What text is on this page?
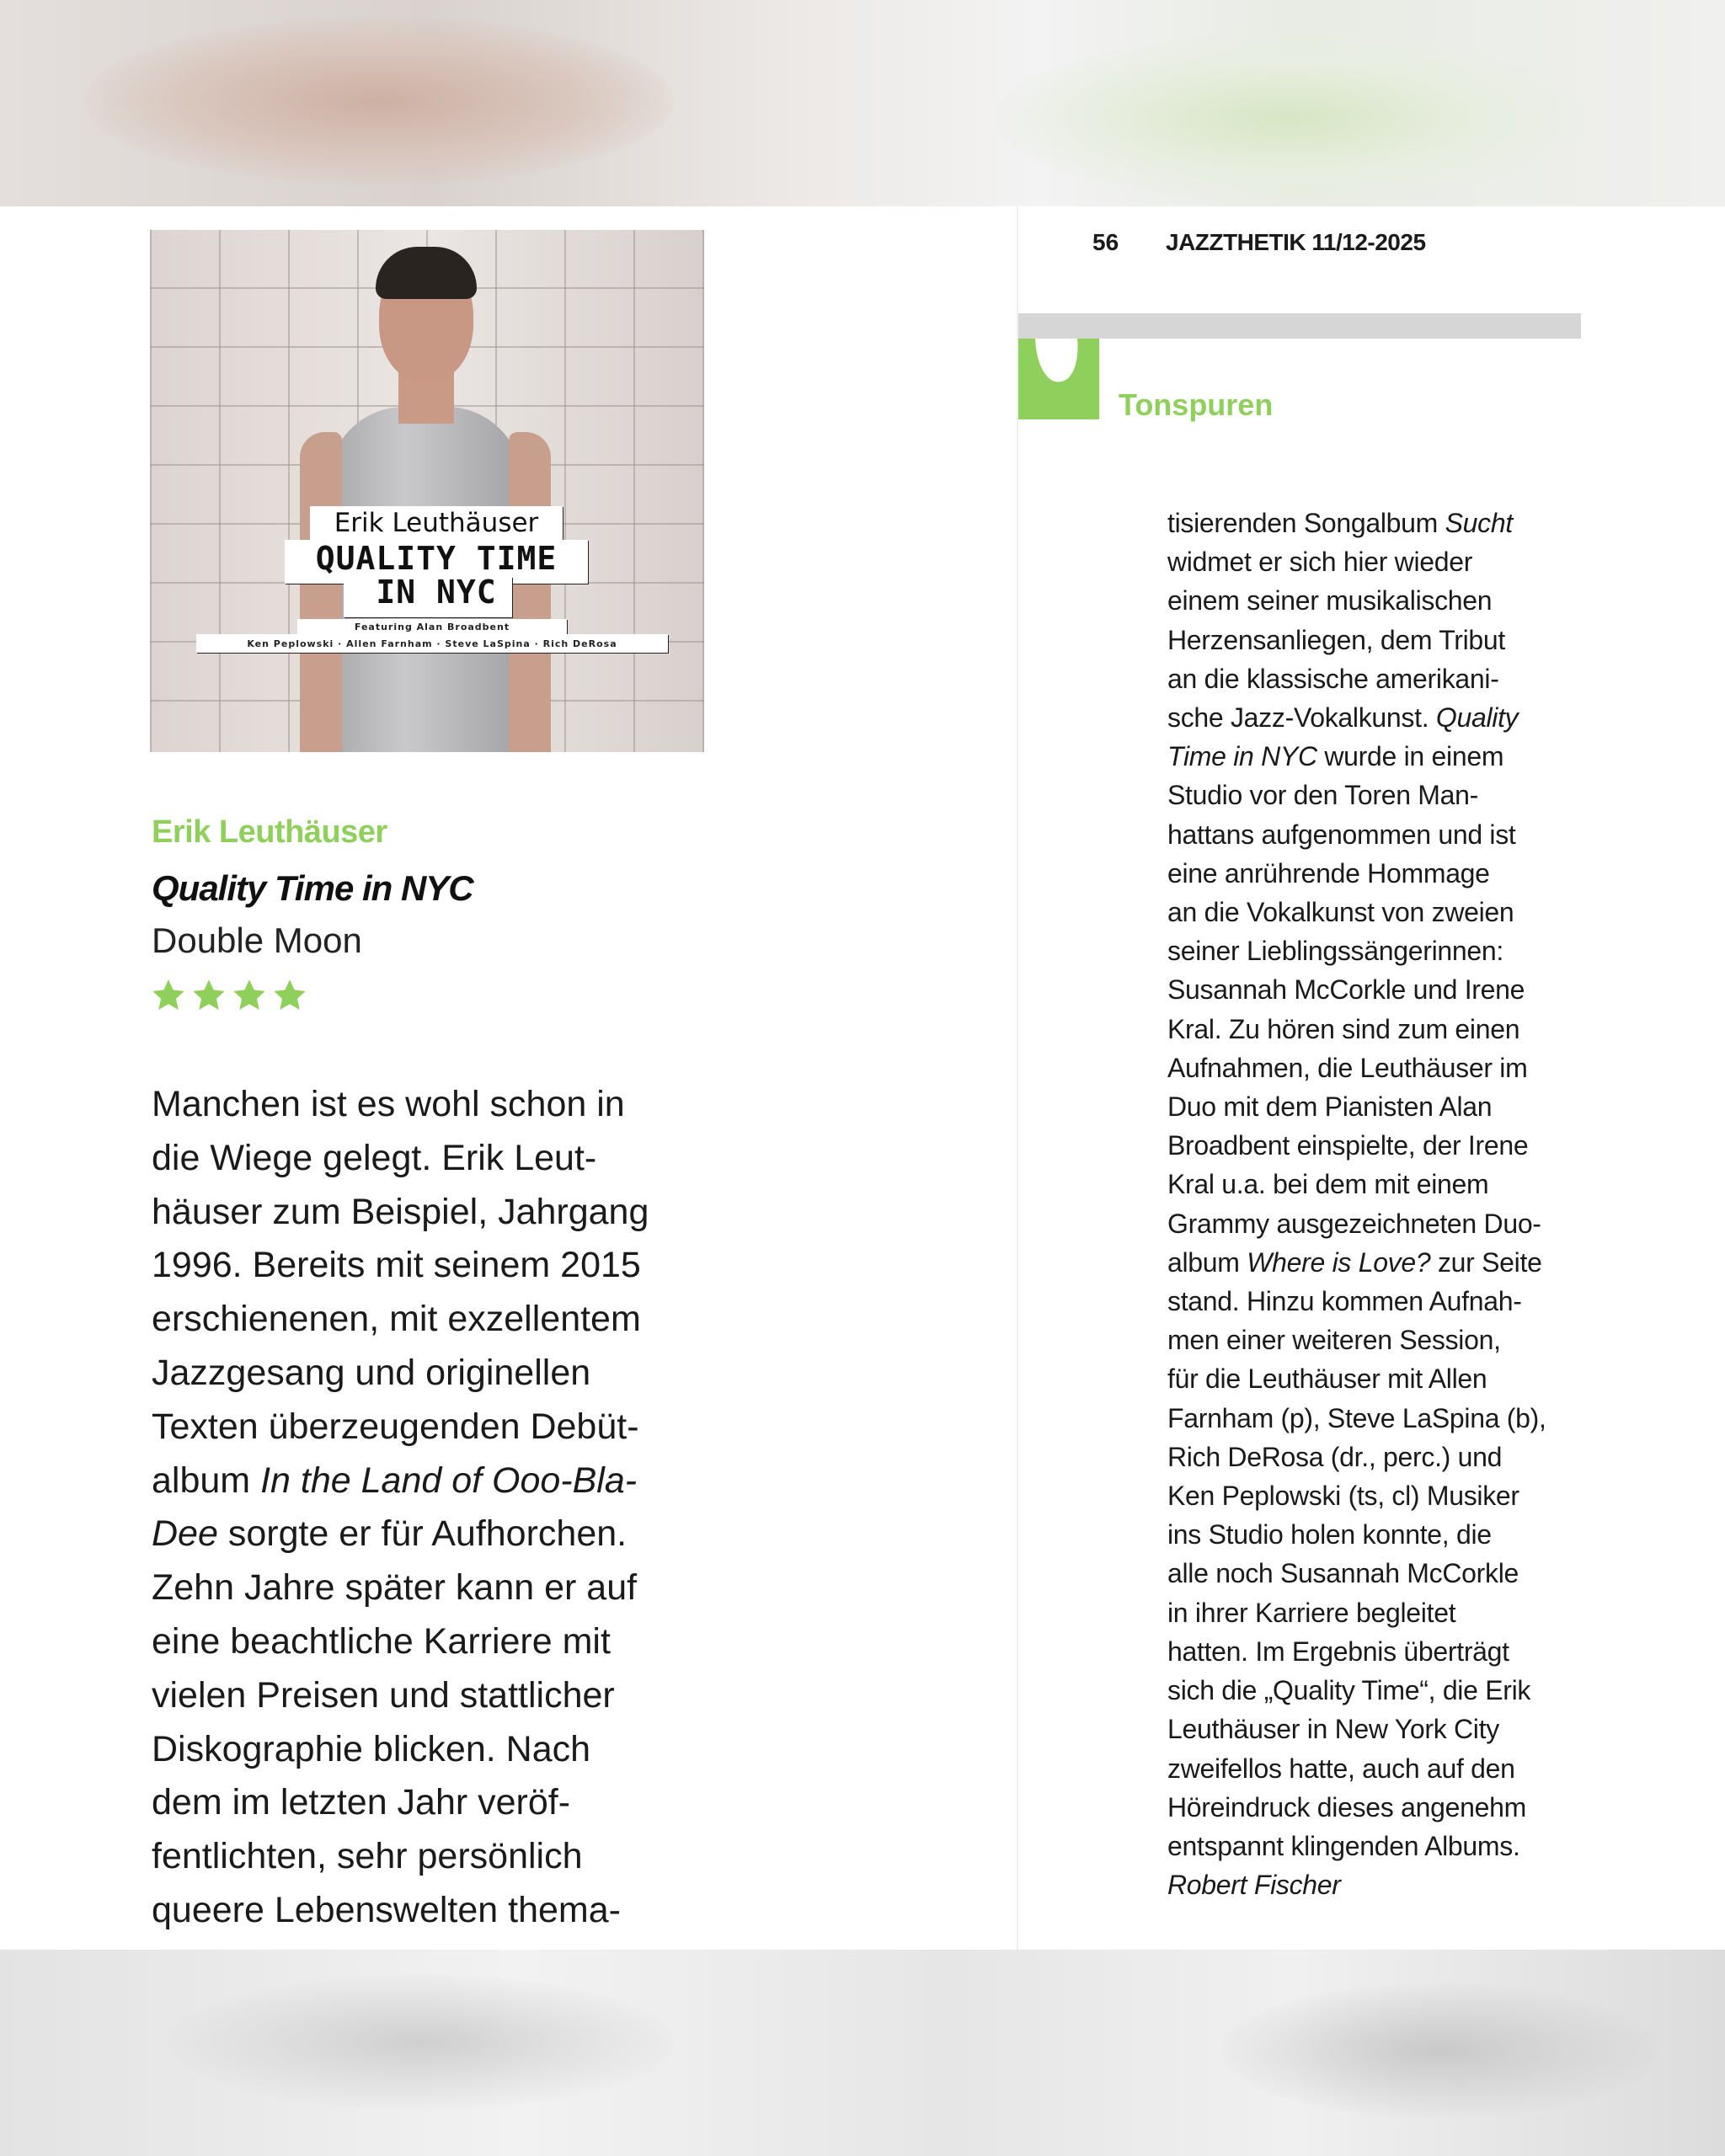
Erik Leuthäuser
QUALITY TIME
IN NYC
Featuring Alan Broadbent
Ken Peplowski · Allen Farnham · Steve LaSpina · Rich DeRosa
Erik Leuthäuser
Quality Time in NYC
Double Moon

Manchen ist es wohl schon in

die Wiege gelegt. Erik Leut-

häuser zum Beispiel, Jahrgang

1996. Bereits mit seinem 2015

erschienenen, mit exzellentem

Jazzgesang und originellen

Texten überzeugenden Debüt-

album In the Land of Ooo-Bla-

Dee sorgte er für Aufhorchen.

Zehn Jahre später kann er auf

eine beachtliche Karriere mit

vielen Preisen und stattlicher

Diskographie blicken. Nach

dem im letzten Jahr veröf-

fentlichten, sehr persönlich

queere Lebenswelten thema-

56 JAZZTHETIK 11/12-2025
Tonspuren

tisierenden Songalbum Sucht

widmet er sich hier wieder

einem seiner musikalischen

Herzensanliegen, dem Tribut

an die klassische amerikani-

sche Jazz-Vokalkunst. Quality

Time in NYC wurde in einem

Studio vor den Toren Man-

hattans aufgenommen und ist

eine anrührende Hommage

an die Vokalkunst von zweien

seiner Lieblingssängerinnen:

Susannah McCorkle und Irene

Kral. Zu hören sind zum einen

Aufnahmen, die Leuthäuser im

Duo mit dem Pianisten Alan

Broadbent einspielte, der Irene

Kral u.a. bei dem mit einem

Grammy ausgezeichneten Duo-

album Where is Love? zur Seite

stand. Hinzu kommen Aufnah-

men einer weiteren Session,

für die Leuthäuser mit Allen

Farnham (p), Steve LaSpina (b),

Rich DeRosa (dr., perc.) und

Ken Peplowski (ts, cl) Musiker

ins Studio holen konnte, die

alle noch Susannah McCorkle

in ihrer Karriere begleitet

hatten. Im Ergebnis überträgt

sich die „Quality Time“, die Erik

Leuthäuser in New York City

zweifellos hatte, auch auf den

Höreindruck dieses angenehm

entspannt klingenden Albums.

Robert Fischer
